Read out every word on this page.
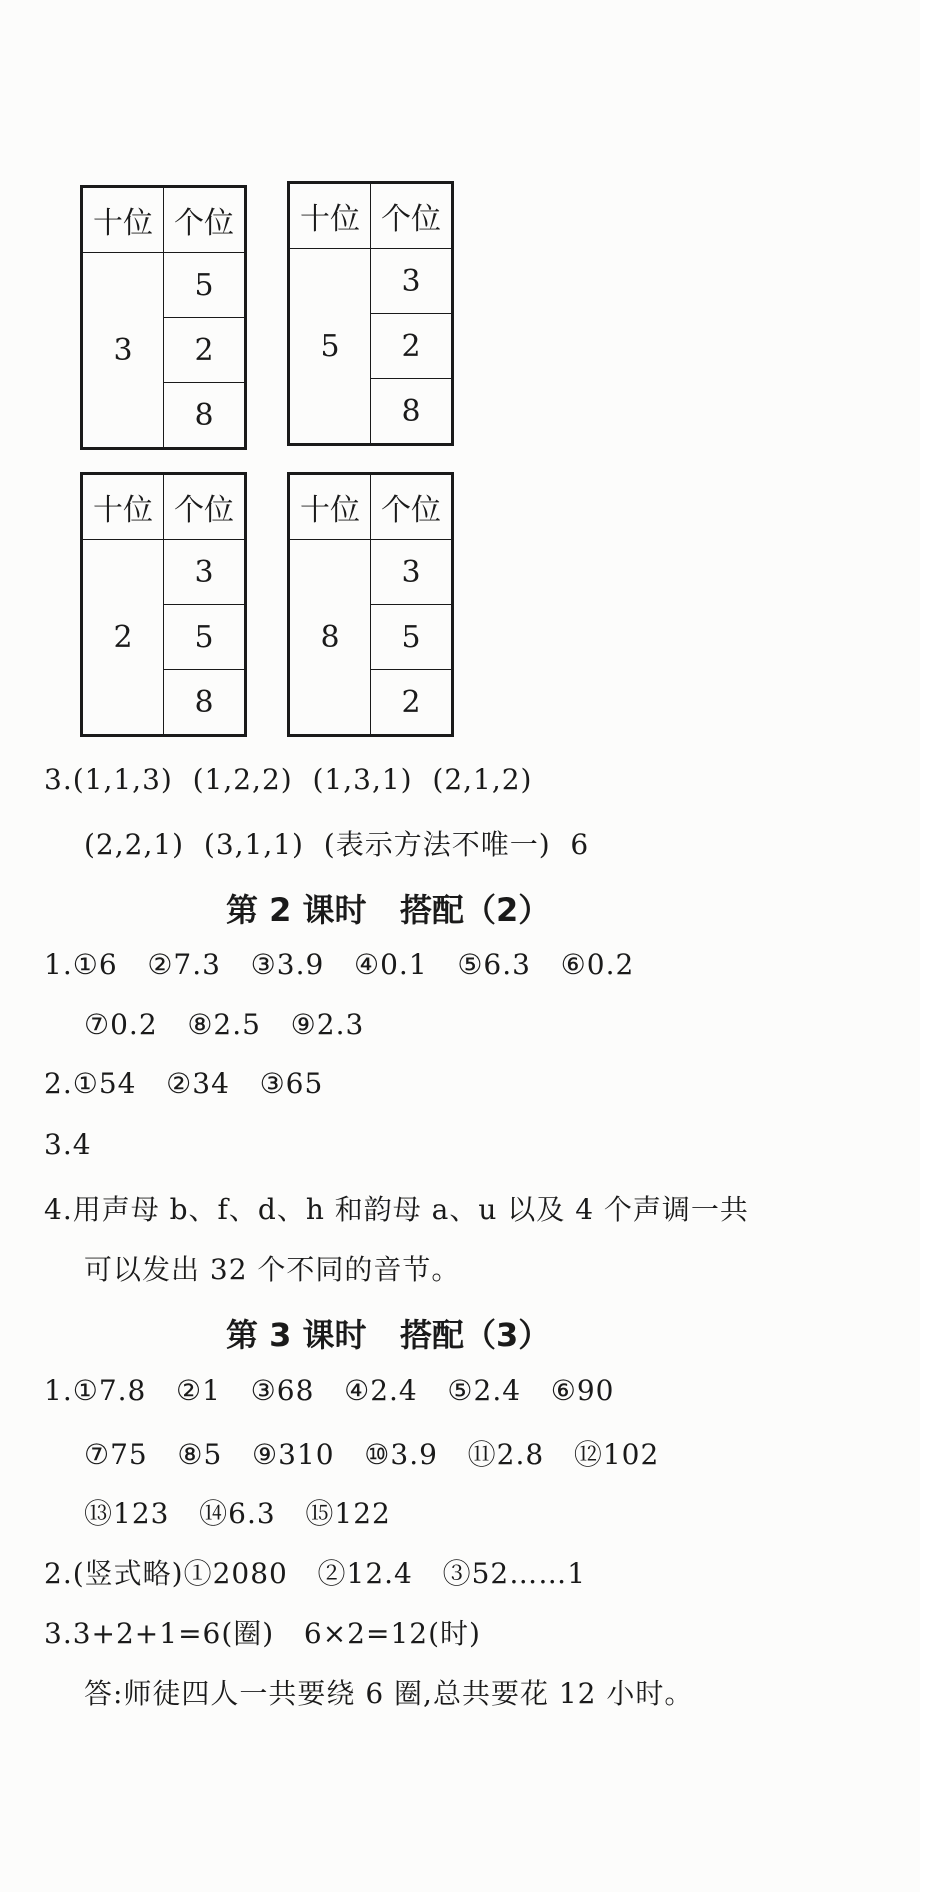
十位	个位
3	5
	2
	8
十位	个位
5	3
	2
	8
十位	个位
2	3
	5
	8
十位	个位
8	3
	5
	2
3.(1,1,3)  (1,2,2)  (1,3,1)  (2,1,2)
(2,2,1)  (3,1,1)  (表示方法不唯一)  6
第 2 课时   搭配（2）
1.①6   ②7.3   ③3.9   ④0.1   ⑤6.3   ⑥0.2
⑦0.2   ⑧2.5   ⑨2.3
2.①54   ②34   ③65
3.4
4.用声母 b、f、d、h 和韵母 a、u 以及 4 个声调一共
可以发出 32 个不同的音节。
第 3 课时   搭配（3）
1.①7.8   ②1   ③68   ④2.4   ⑤2.4   ⑥90
⑦75   ⑧5   ⑨310   ⑩3.9   ⑪2.8   ⑫102
⑬123   ⑭6.3   ⑮122
2.(竖式略)①2080   ②12.4   ③52……1
3.3+2+1=6(圈)   6×2=12(时)
答:师徒四人一共要绕 6 圈,总共要花 12 小时。
